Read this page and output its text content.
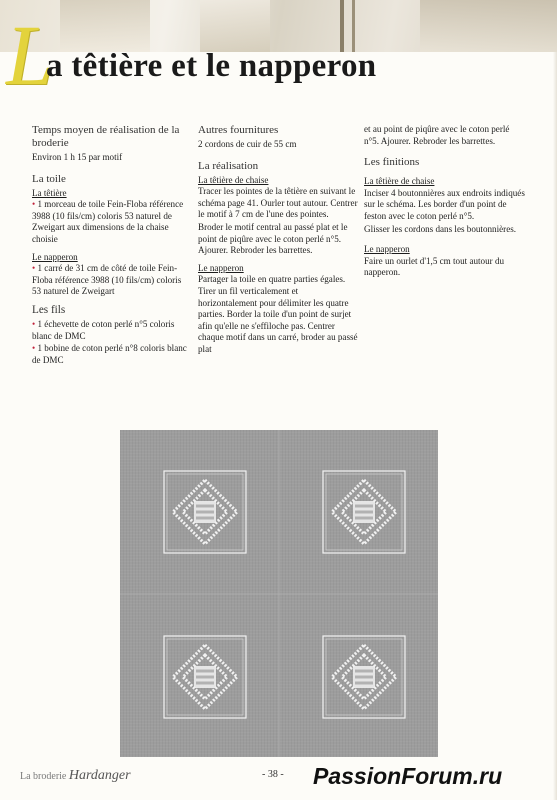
L
a têtière et le napperon
Temps moyen de réalisation de la broderie

Environ 1 h 15 par motif

La toile

La têtière

• 1 morceau de toile Fein-Floba référence 3988 (10 fils/cm) coloris 53 naturel de Zweigart aux dimensions de la chaise choisie

Le napperon

• 1 carré de 31 cm de côté de toile Fein-Floba référence 3988 (10 fils/cm) coloris 53 naturel de Zweigart

Les fils

• 1 échevette de coton perlé n°5 coloris blanc de DMC

• 1 bobine de coton perlé n°8 coloris blanc de DMC

Autres fournitures

2 cordons de cuir de 55 cm

La réalisation

La têtière de chaise

Tracer les pointes de la têtière en suivant le schéma page 41. Ourler tout autour. Centrer le motif à 7 cm de l'une des pointes.

Broder le motif central au passé plat et le point de piqûre avec le coton perlé n°5. Ajourer. Rebroder les barrettes.

Le napperon

Partager la toile en quatre parties égales. Tirer un fil verticalement et horizontalement pour délimiter les quatre parties. Border la toile d'un point de surjet afin qu'elle ne s'effiloche pas. Centrer chaque motif dans un carré, broder au passé plat

et au point de piqûre avec le coton perlé n°5. Ajourer. Rebroder les barrettes.

Les finitions

La têtière de chaise

Inciser 4 boutonnières aux endroits indiqués sur le schéma. Les border d'un point de feston avec le coton perlé n°5.

Glisser les cordons dans les boutonnières.

Le napperon

Faire un ourlet d'1,5 cm tout autour du napperon.

La broderie Hardanger	- 38 - PassionForum.ru
